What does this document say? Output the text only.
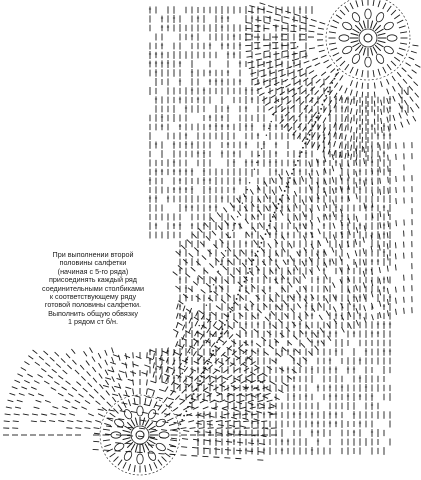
При выполнении второй
половины салфетки
(начиная с 5-го ряда)
присоединять каждый ряд
соединительными столбиками
к соответствующему ряду
готовой половины салфетки.
Выполнить общую обвязку
1 рядом ст б/н.
